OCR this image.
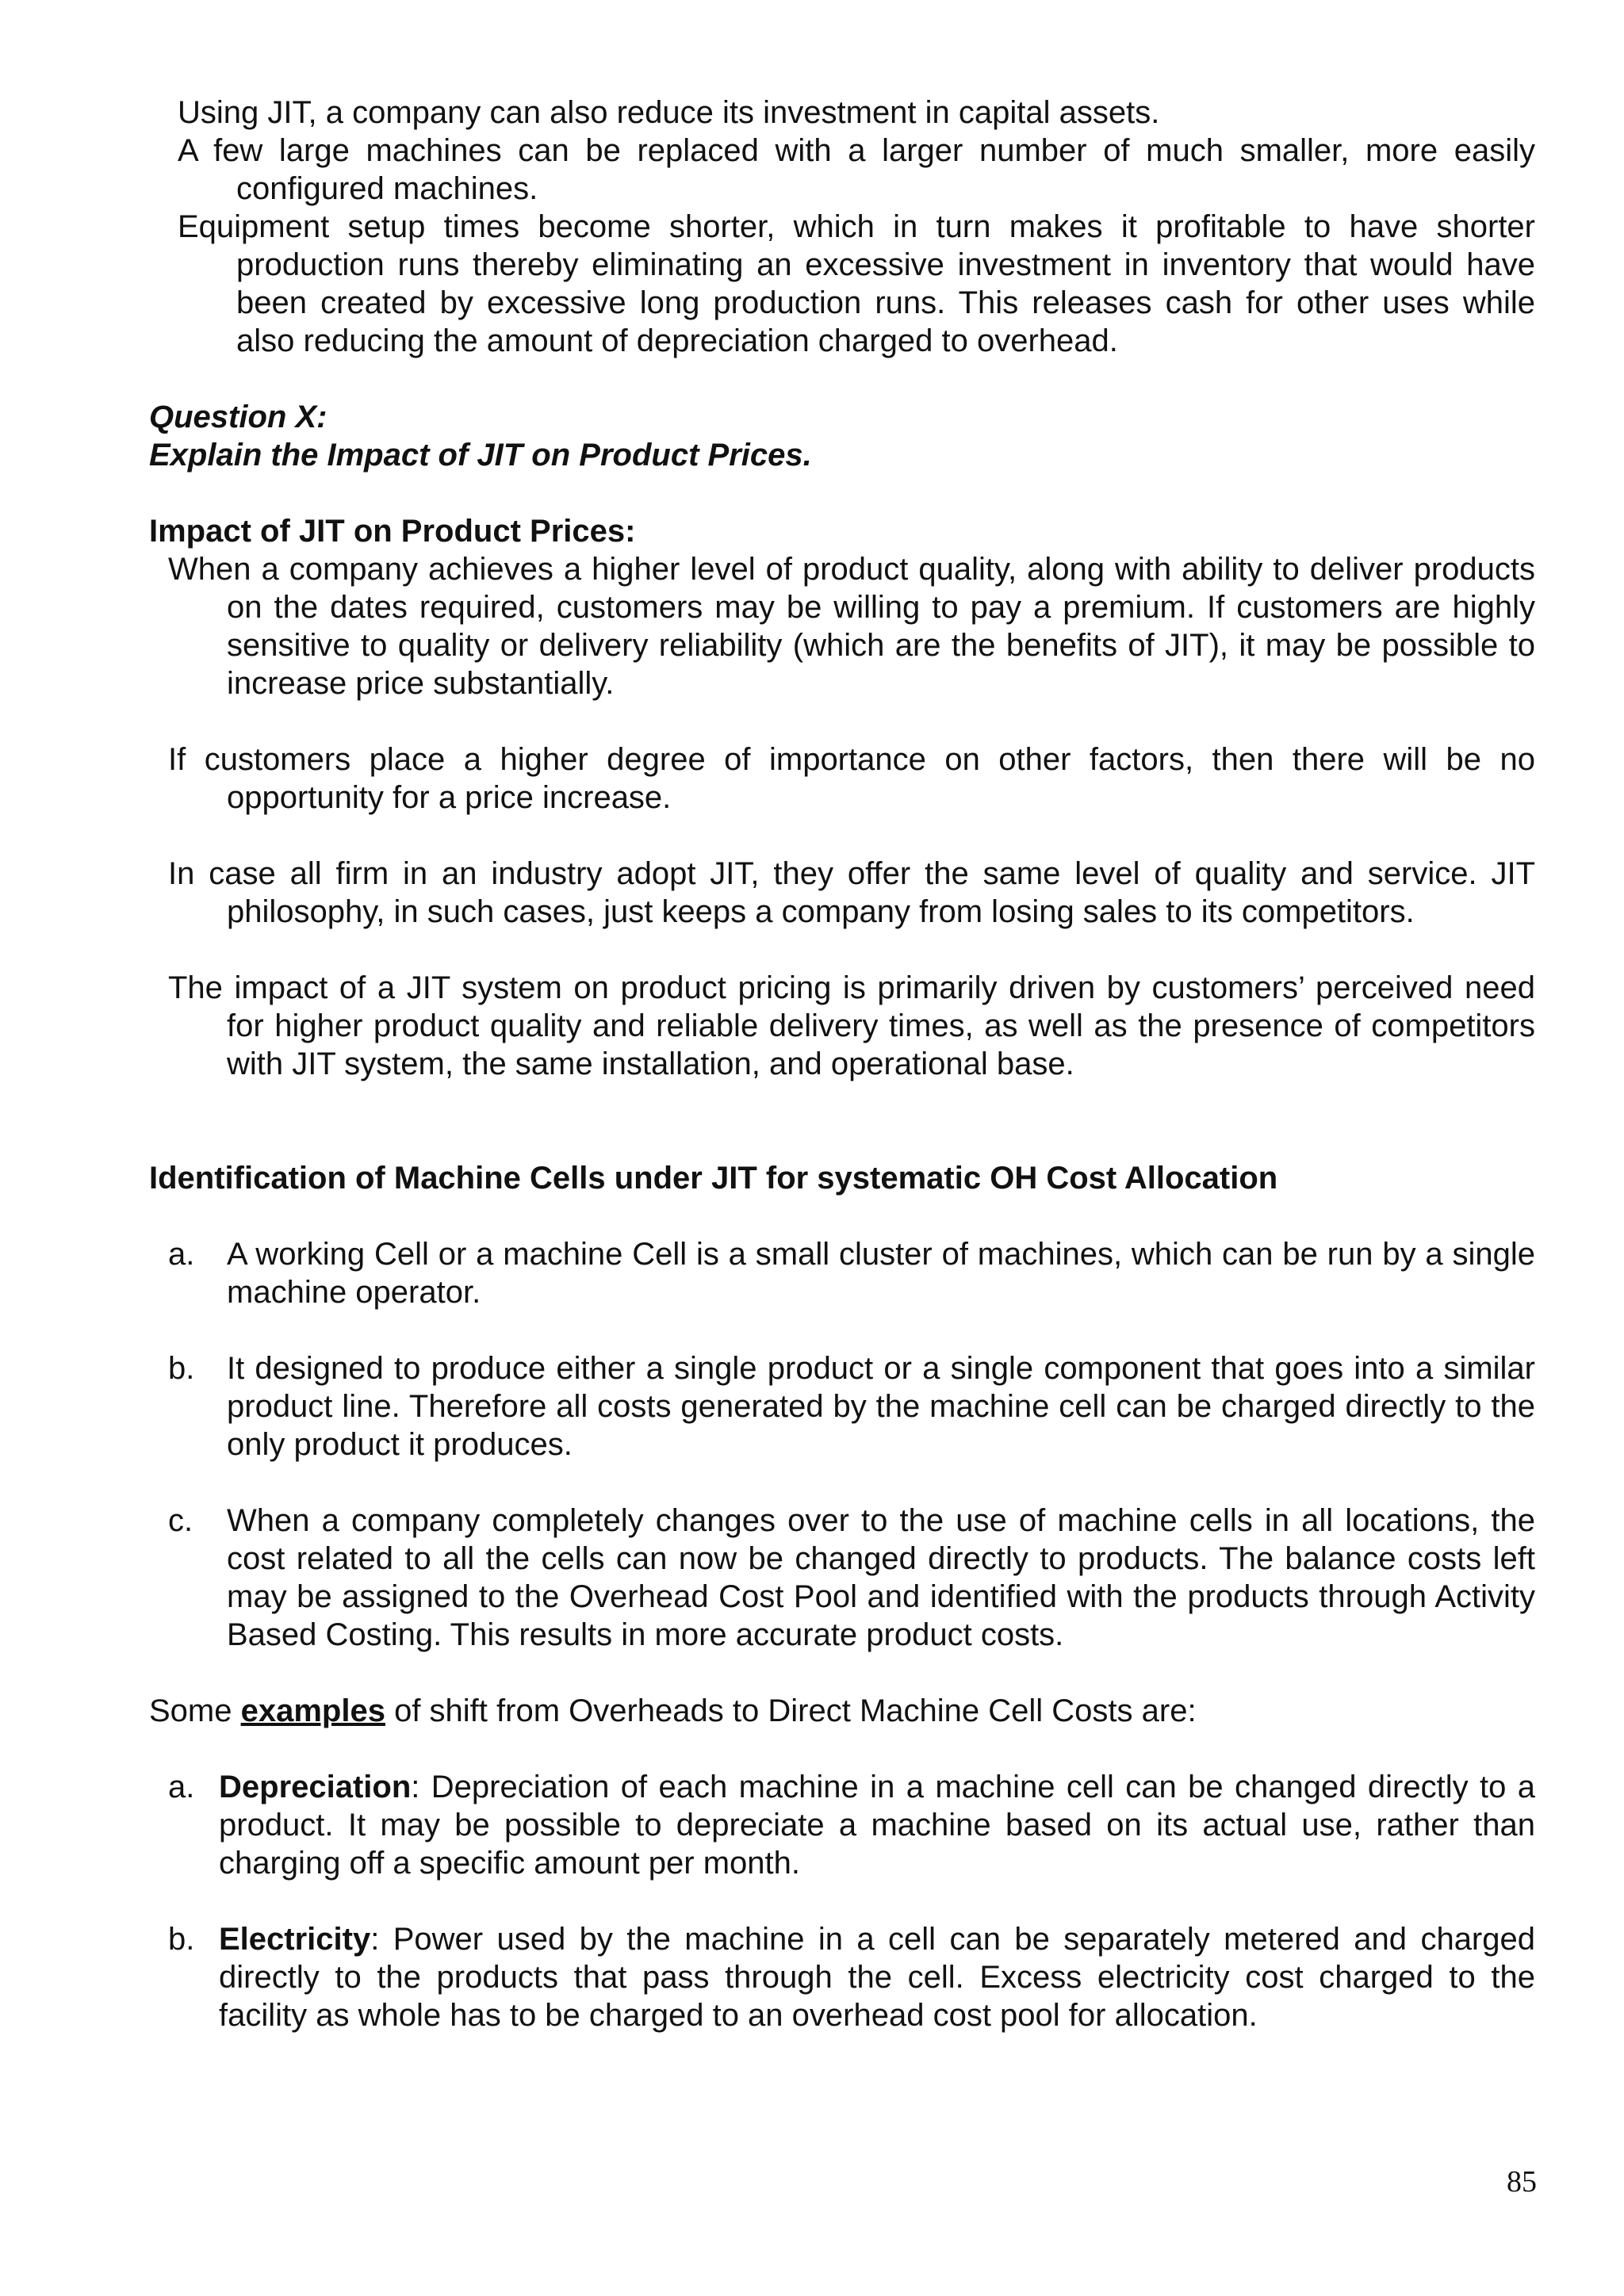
Using JIT, a company can also reduce its investment in capital assets.

A few large machines can be replaced with a larger number of much smaller, more easily configured machines.

Equipment setup times become shorter, which in turn makes it profitable to have shorter production runs thereby eliminating an excessive investment in inventory that would have been created by excessive long production runs. This releases cash for other uses while also reducing the amount of depreciation charged to overhead.

Question X:

Explain the Impact of JIT on Product Prices.

Impact of JIT on Product Prices:

When a company achieves a higher level of product quality, along with ability to deliver products on the dates required, customers may be willing to pay a premium. If customers are highly sensitive to quality or delivery reliability (which are the benefits of JIT), it may be possible to increase price substantially.

If customers place a higher degree of importance on other factors, then there will be no opportunity for a price increase.

In case all firm in an industry adopt JIT, they offer the same level of quality and service. JIT philosophy, in such cases, just keeps a company from losing sales to its competitors.

The impact of a JIT system on product pricing is primarily driven by customers’ perceived need for higher product quality and reliable delivery times, as well as the presence of competitors with JIT system, the same installation, and operational base.

Identification of Machine Cells under JIT for systematic OH Cost Allocation

a.	A working Cell or a machine Cell is a small cluster of machines, which can be run by a single machine operator.
b.	It designed to produce either a single product or a single component that goes into a similar product line. Therefore all costs generated by the machine cell can be charged directly to the only product it produces.
c.	When a company completely changes over to the use of machine cells in all locations, the cost related to all the cells can now be changed directly to products. The balance costs left may be assigned to the Overhead Cost Pool and identified with the products through Activity Based Costing. This results in more accurate product costs.

Some examples of shift from Overheads to Direct Machine Cell Costs are:

a. Depreciation: Depreciation of each machine in a machine cell can be changed directly to a product. It may be possible to depreciate a machine based on its actual use, rather than charging off a specific amount per month.
b. Electricity: Power used by the machine in a cell can be separately metered and charged directly to the products that pass through the cell. Excess electricity cost charged to the facility as whole has to be charged to an overhead cost pool for allocation.
85
